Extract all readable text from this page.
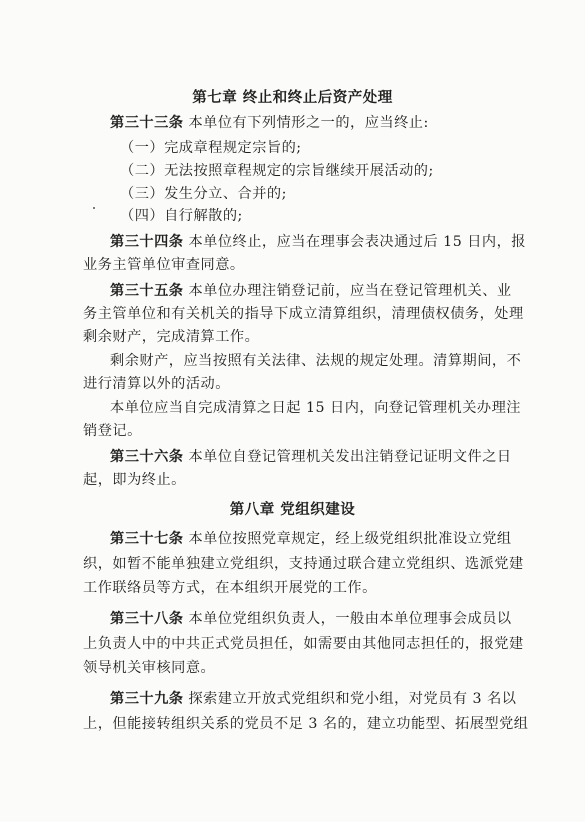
第七章 终止和终止后资产处理
第三十三条 本单位有下列情形之一的，应当终止:
（一）完成章程规定宗旨的;
（二）无法按照章程规定的宗旨继续开展活动的;
（三）发生分立、合并的;
（四）自行解散的;
第三十四条 本单位终止，应当在理事会表决通过后 15 日内，报
业务主管单位审查同意。
第三十五条 本单位办理注销登记前，应当在登记管理机关、业
务主管单位和有关机关的指导下成立清算组织，清理债权债务，处理
剩余财产，完成清算工作。
剩余财产，应当按照有关法律、法规的规定处理。清算期间，不
进行清算以外的活动。
本单位应当自完成清算之日起 15 日内，向登记管理机关办理注
销登记。
第三十六条 本单位自登记管理机关发出注销登记证明文件之日
起，即为终止。
第八章 党组织建设
第三十七条 本单位按照党章规定，经上级党组织批准设立党组
织，如暂不能单独建立党组织，支持通过联合建立党组织、选派党建
工作联络员等方式，在本组织开展党的工作。
第三十八条 本单位党组织负责人，一般由本单位理事会成员以
上负责人中的中共正式党员担任，如需要由其他同志担任的，报党建
领导机关审核同意。
第三十九条 探索建立开放式党组织和党小组，对党员有 3 名以
上，但能接转组织关系的党员不足 3 名的，建立功能型、拓展型党组
